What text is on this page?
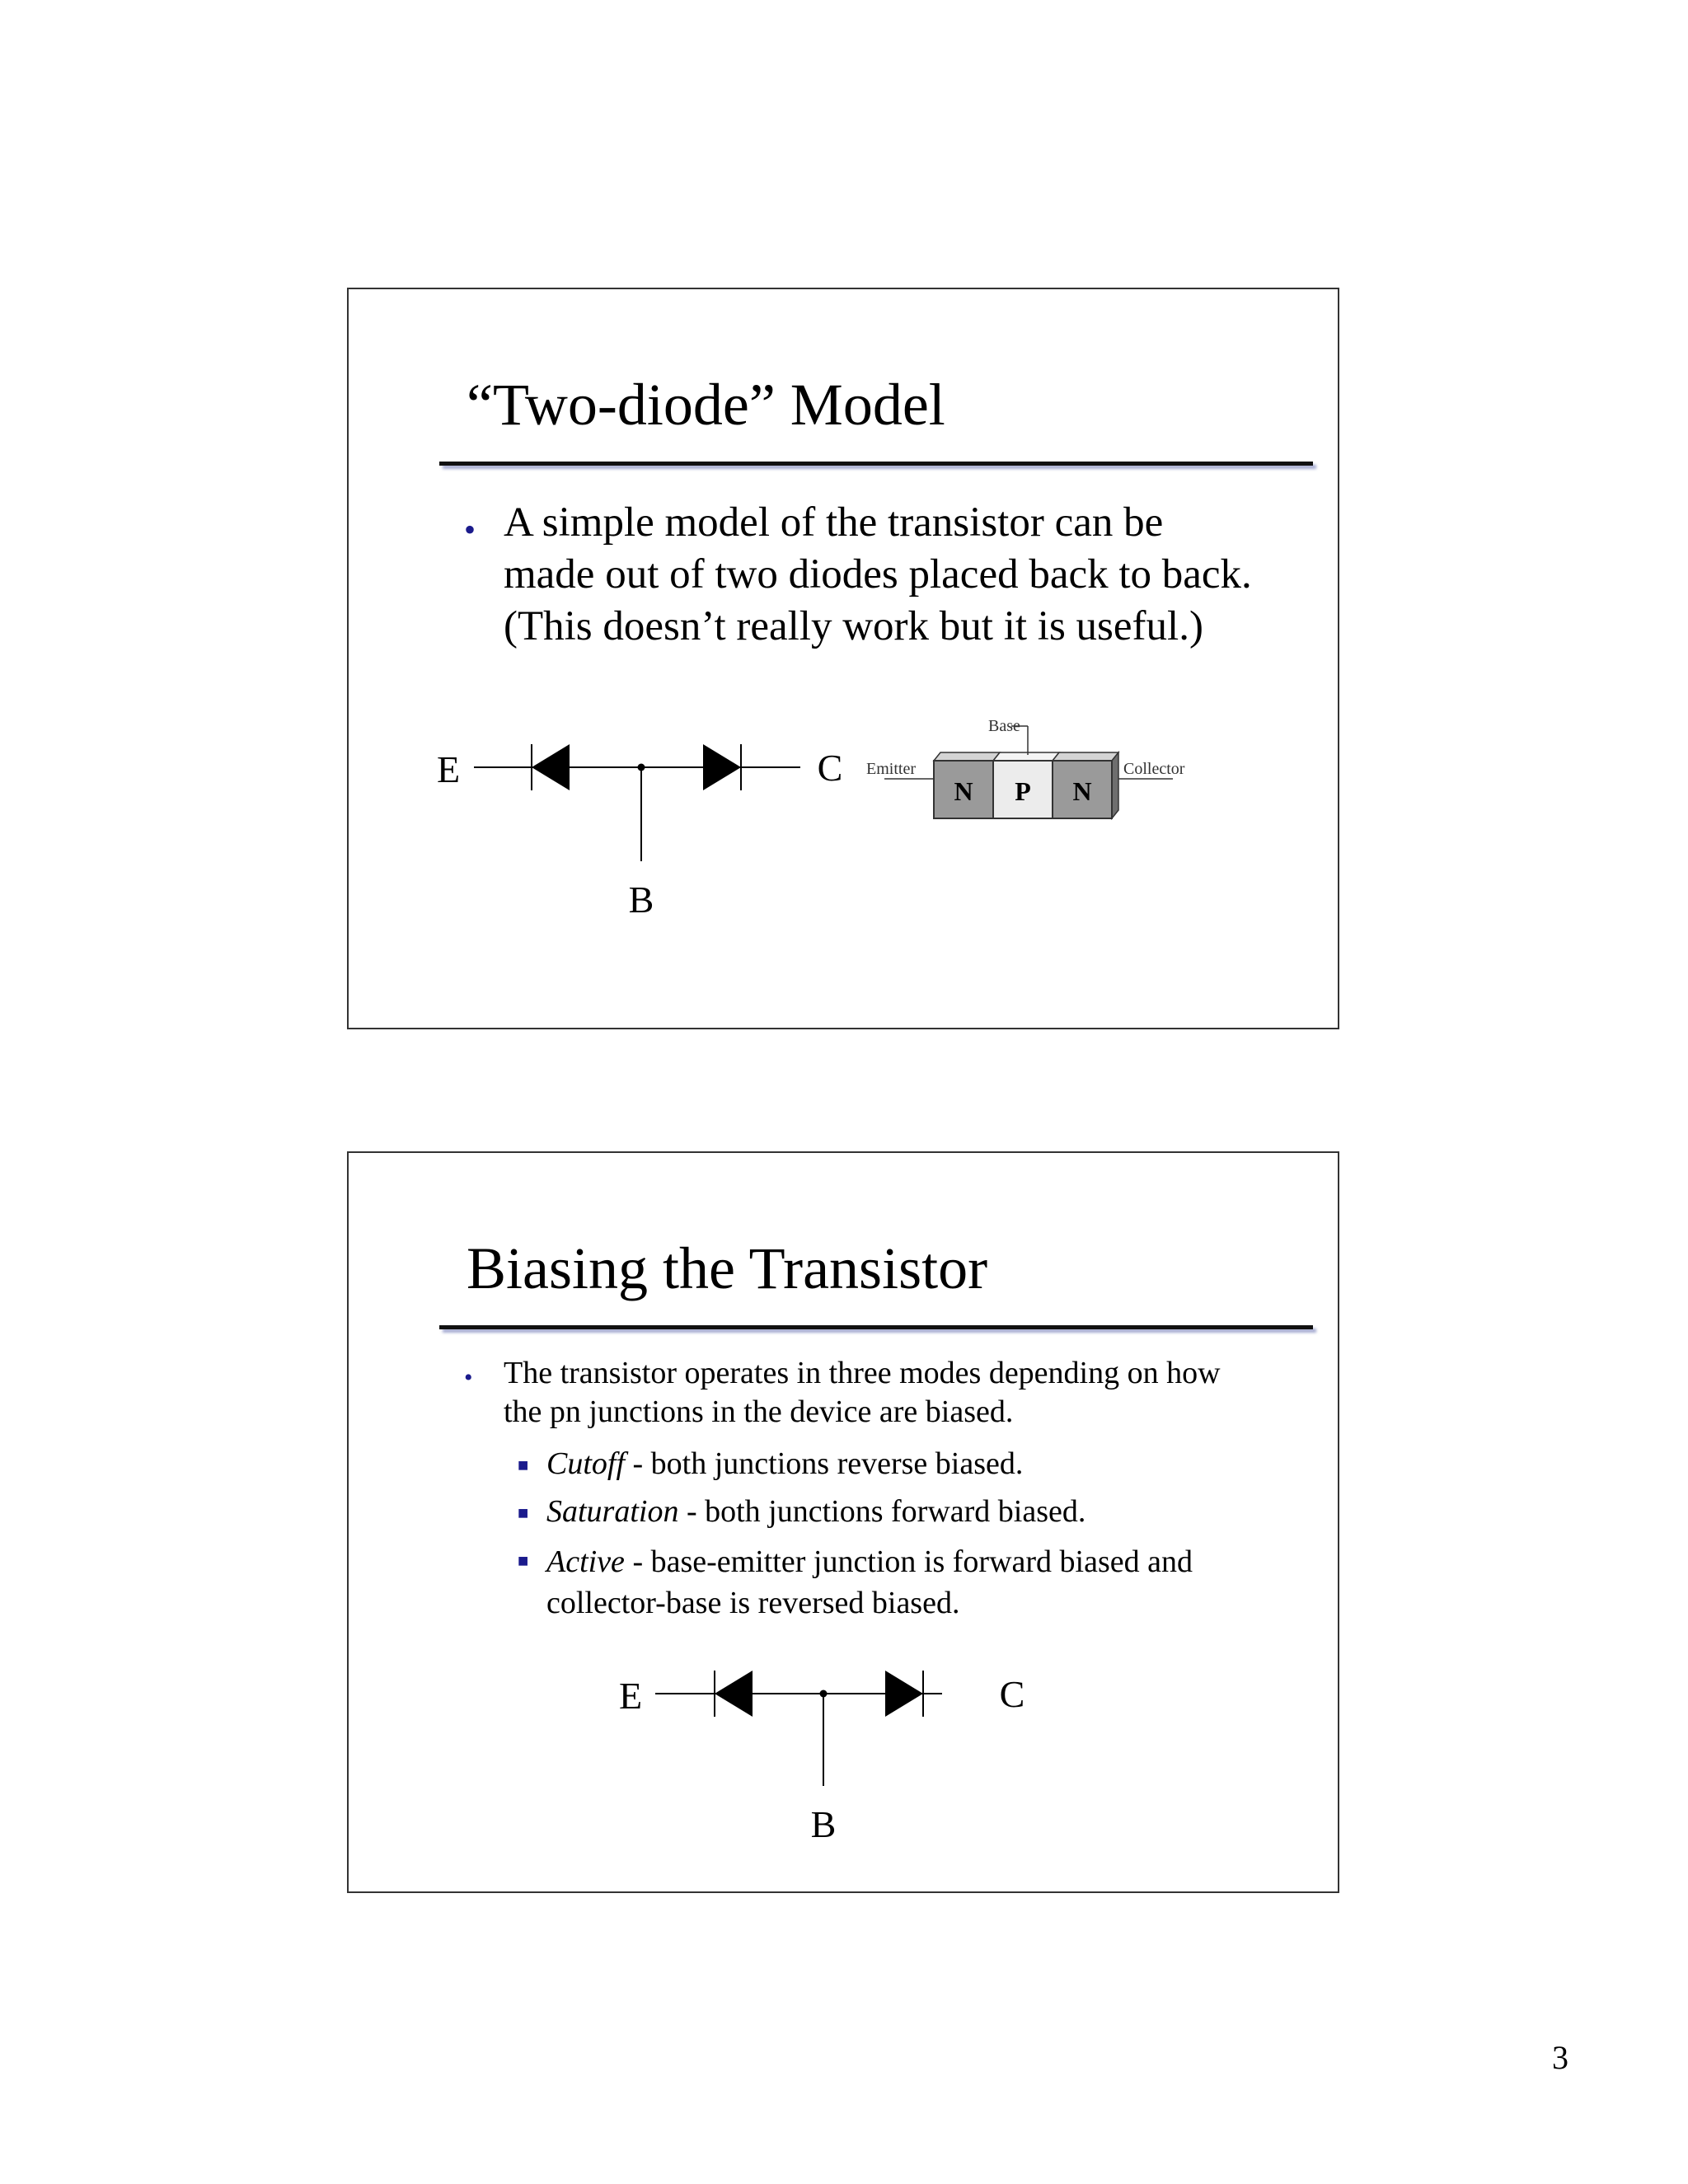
“Two-diode” Model
• A simple model of the transistor can be
made out of two diodes placed back to back.
(This doesn’t really work but it is useful.)
E	C
B
N P N
Base
Emitter	Collector
Biasing the Transistor
• The transistor operates in three modes depending on how
the pn junctions in the device are biased.
■ Cutoff - both junctions reverse biased.
■ Saturation - both junctions forward biased.
■ Active - base-emitter junction is forward biased and
collector-base is reversed biased.
E	C
B
3
